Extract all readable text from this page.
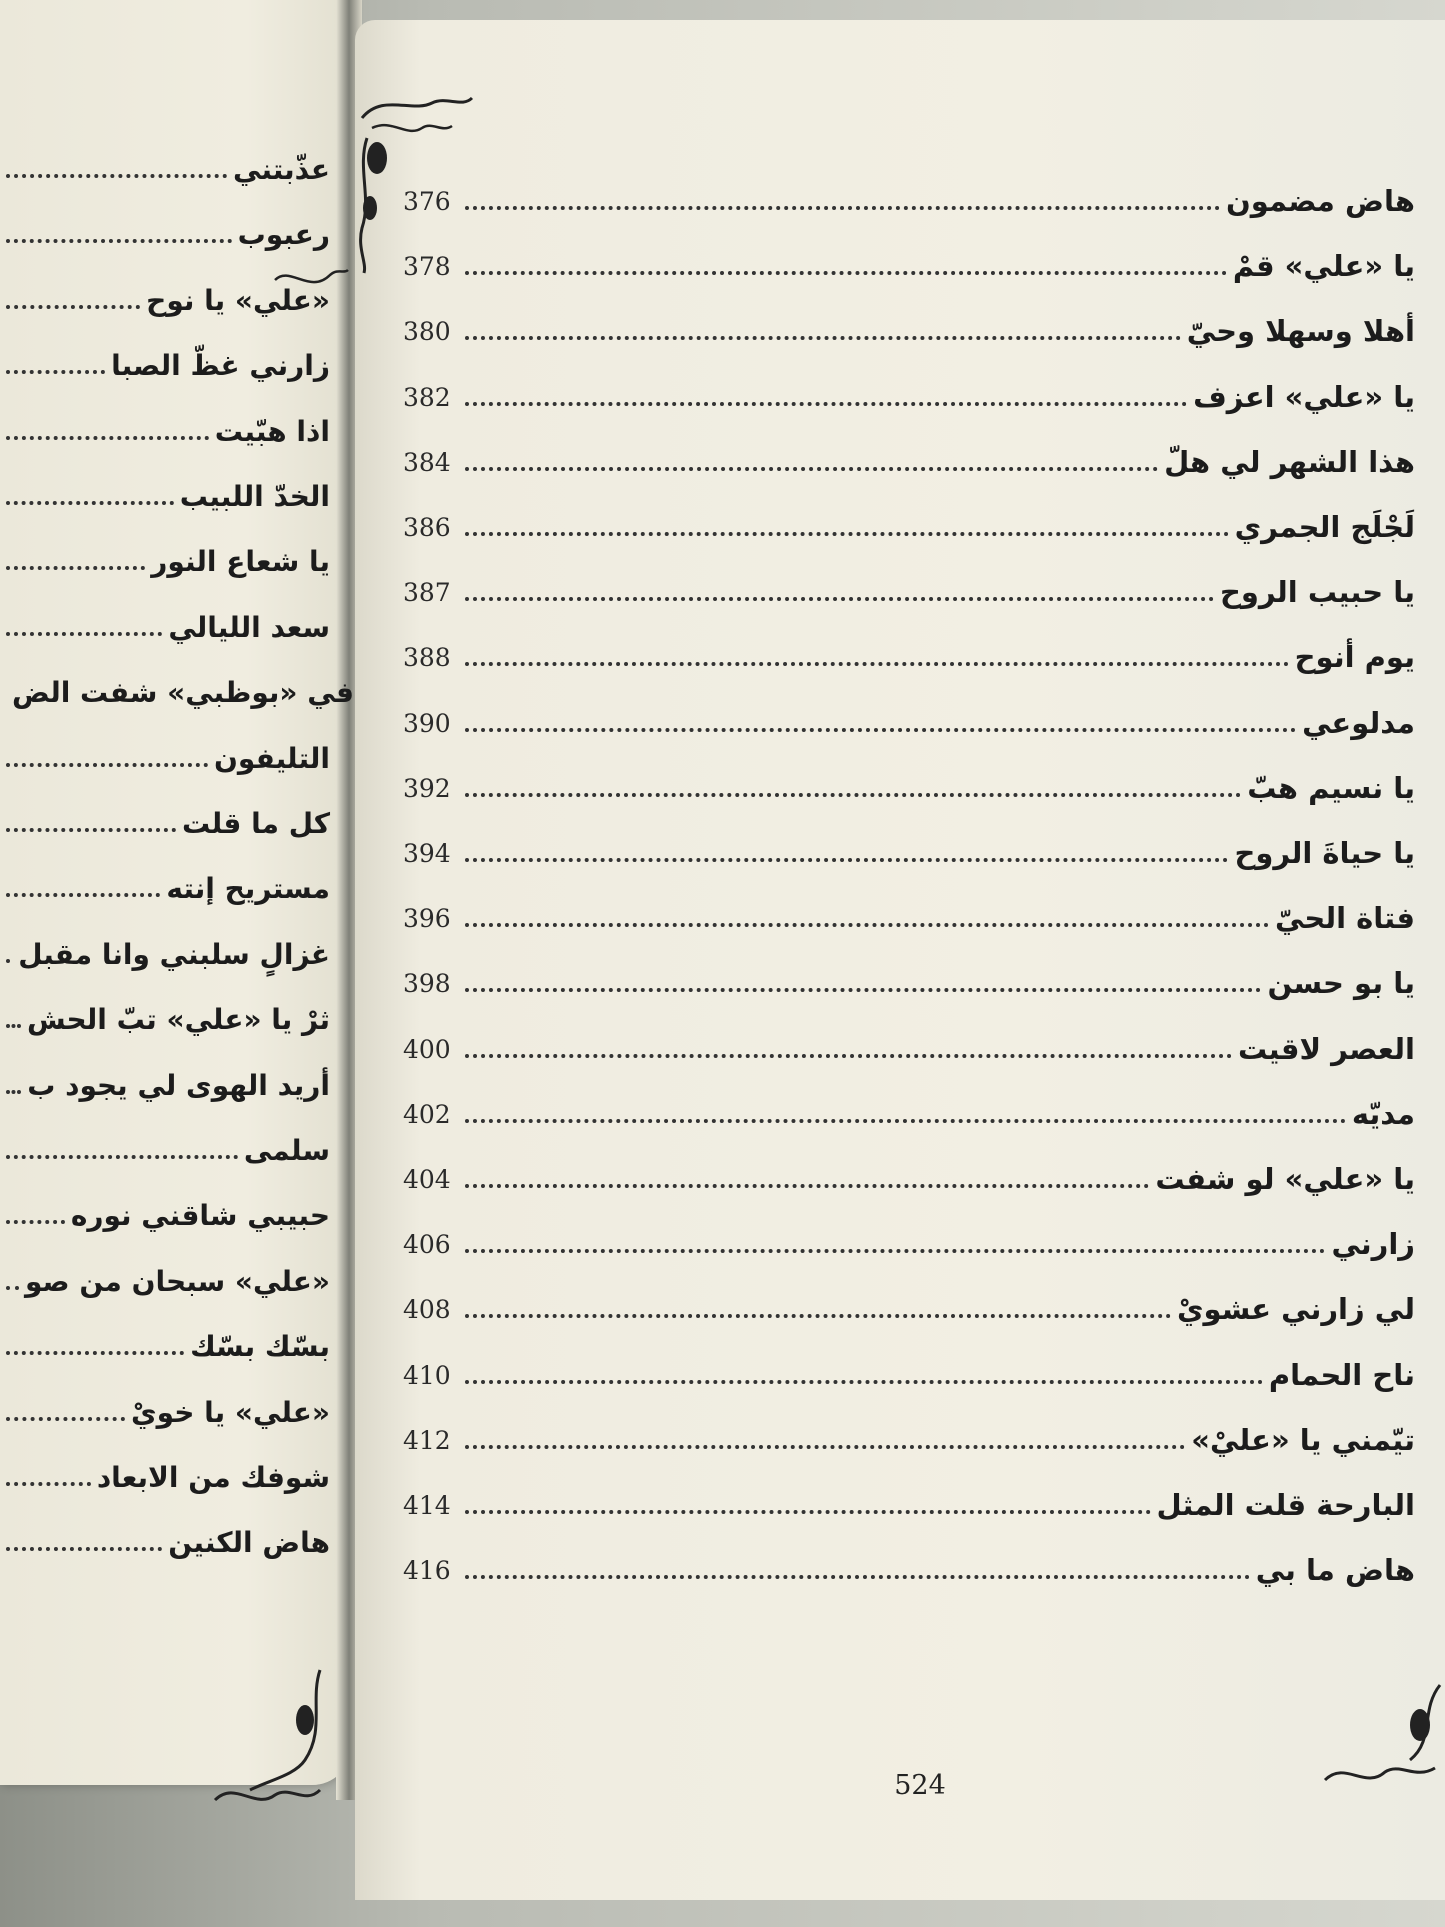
376	هاض مضمون
378	يا «علي» قمْ
380	أهلا وسهلا وحيّ
382	يا «علي» اعزف
384	هذا الشهر لي هلّ
386	لَجْلَج الجمري
387	يا حبيب الروح
388	يوم أنوح
390	مدلوعي
392	يا نسيم هبّ
394	يا حياةَ الروح
396	فتاة الحيّ
398	يا بو حسن
400	العصر لاقيت
402	مديّه
404	يا «علي» لو شفت
406	زارني
408	لي زارني عشويْ
410	ناح الحمام
412	تيّمني يا «عليْ»
414	البارحة قلت المثل
416	هاض ما بي
عذّبتني
رعبوب
«علي» يا نوح
زارني غظّ الصبا
اذا هبّيت
الخدّ اللبيب
يا شعاع النور
سعد الليالي
في «بوظبي» شفت الض
التليفون
كل ما قلت
مستريح إنته
غزالٍ سلبني وانا مقبل
ثرْ يا «علي» تبّ الحش
أريد الهوى لي يجود ب
سلمى
حبيبي شاقني نوره
«علي» سبحان من صو
بسّك بسّك
«علي» يا خويْ
شوفك من الابعاد
هاض الكنين
524
